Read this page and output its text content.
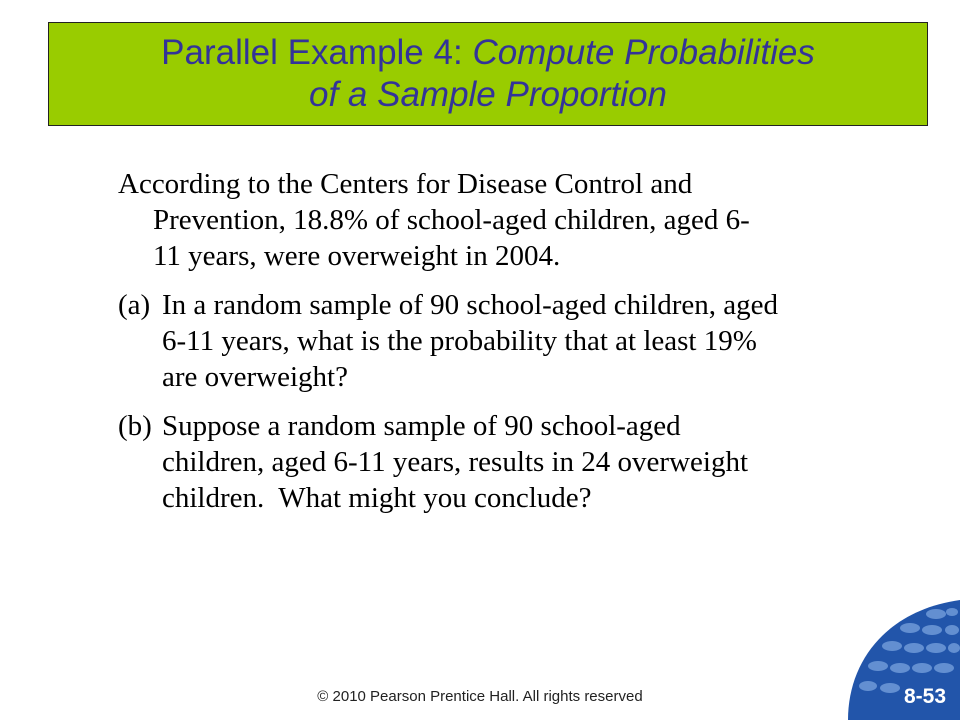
Parallel Example 4: Compute Probabilities
of a Sample Proportion
According to the Centers for Disease Control and
Prevention, 18.8% of school-aged children, aged 6-
11 years, were overweight in 2004.
(a) In a random sample of 90 school-aged children, aged
6-11 years, what is the probability that at least 19%
are overweight?
(b) Suppose a random sample of 90 school-aged
children, aged 6-11 years, results in 24 overweight
children.  What might you conclude?
© 2010 Pearson Prentice Hall. All rights reserved	8-53
